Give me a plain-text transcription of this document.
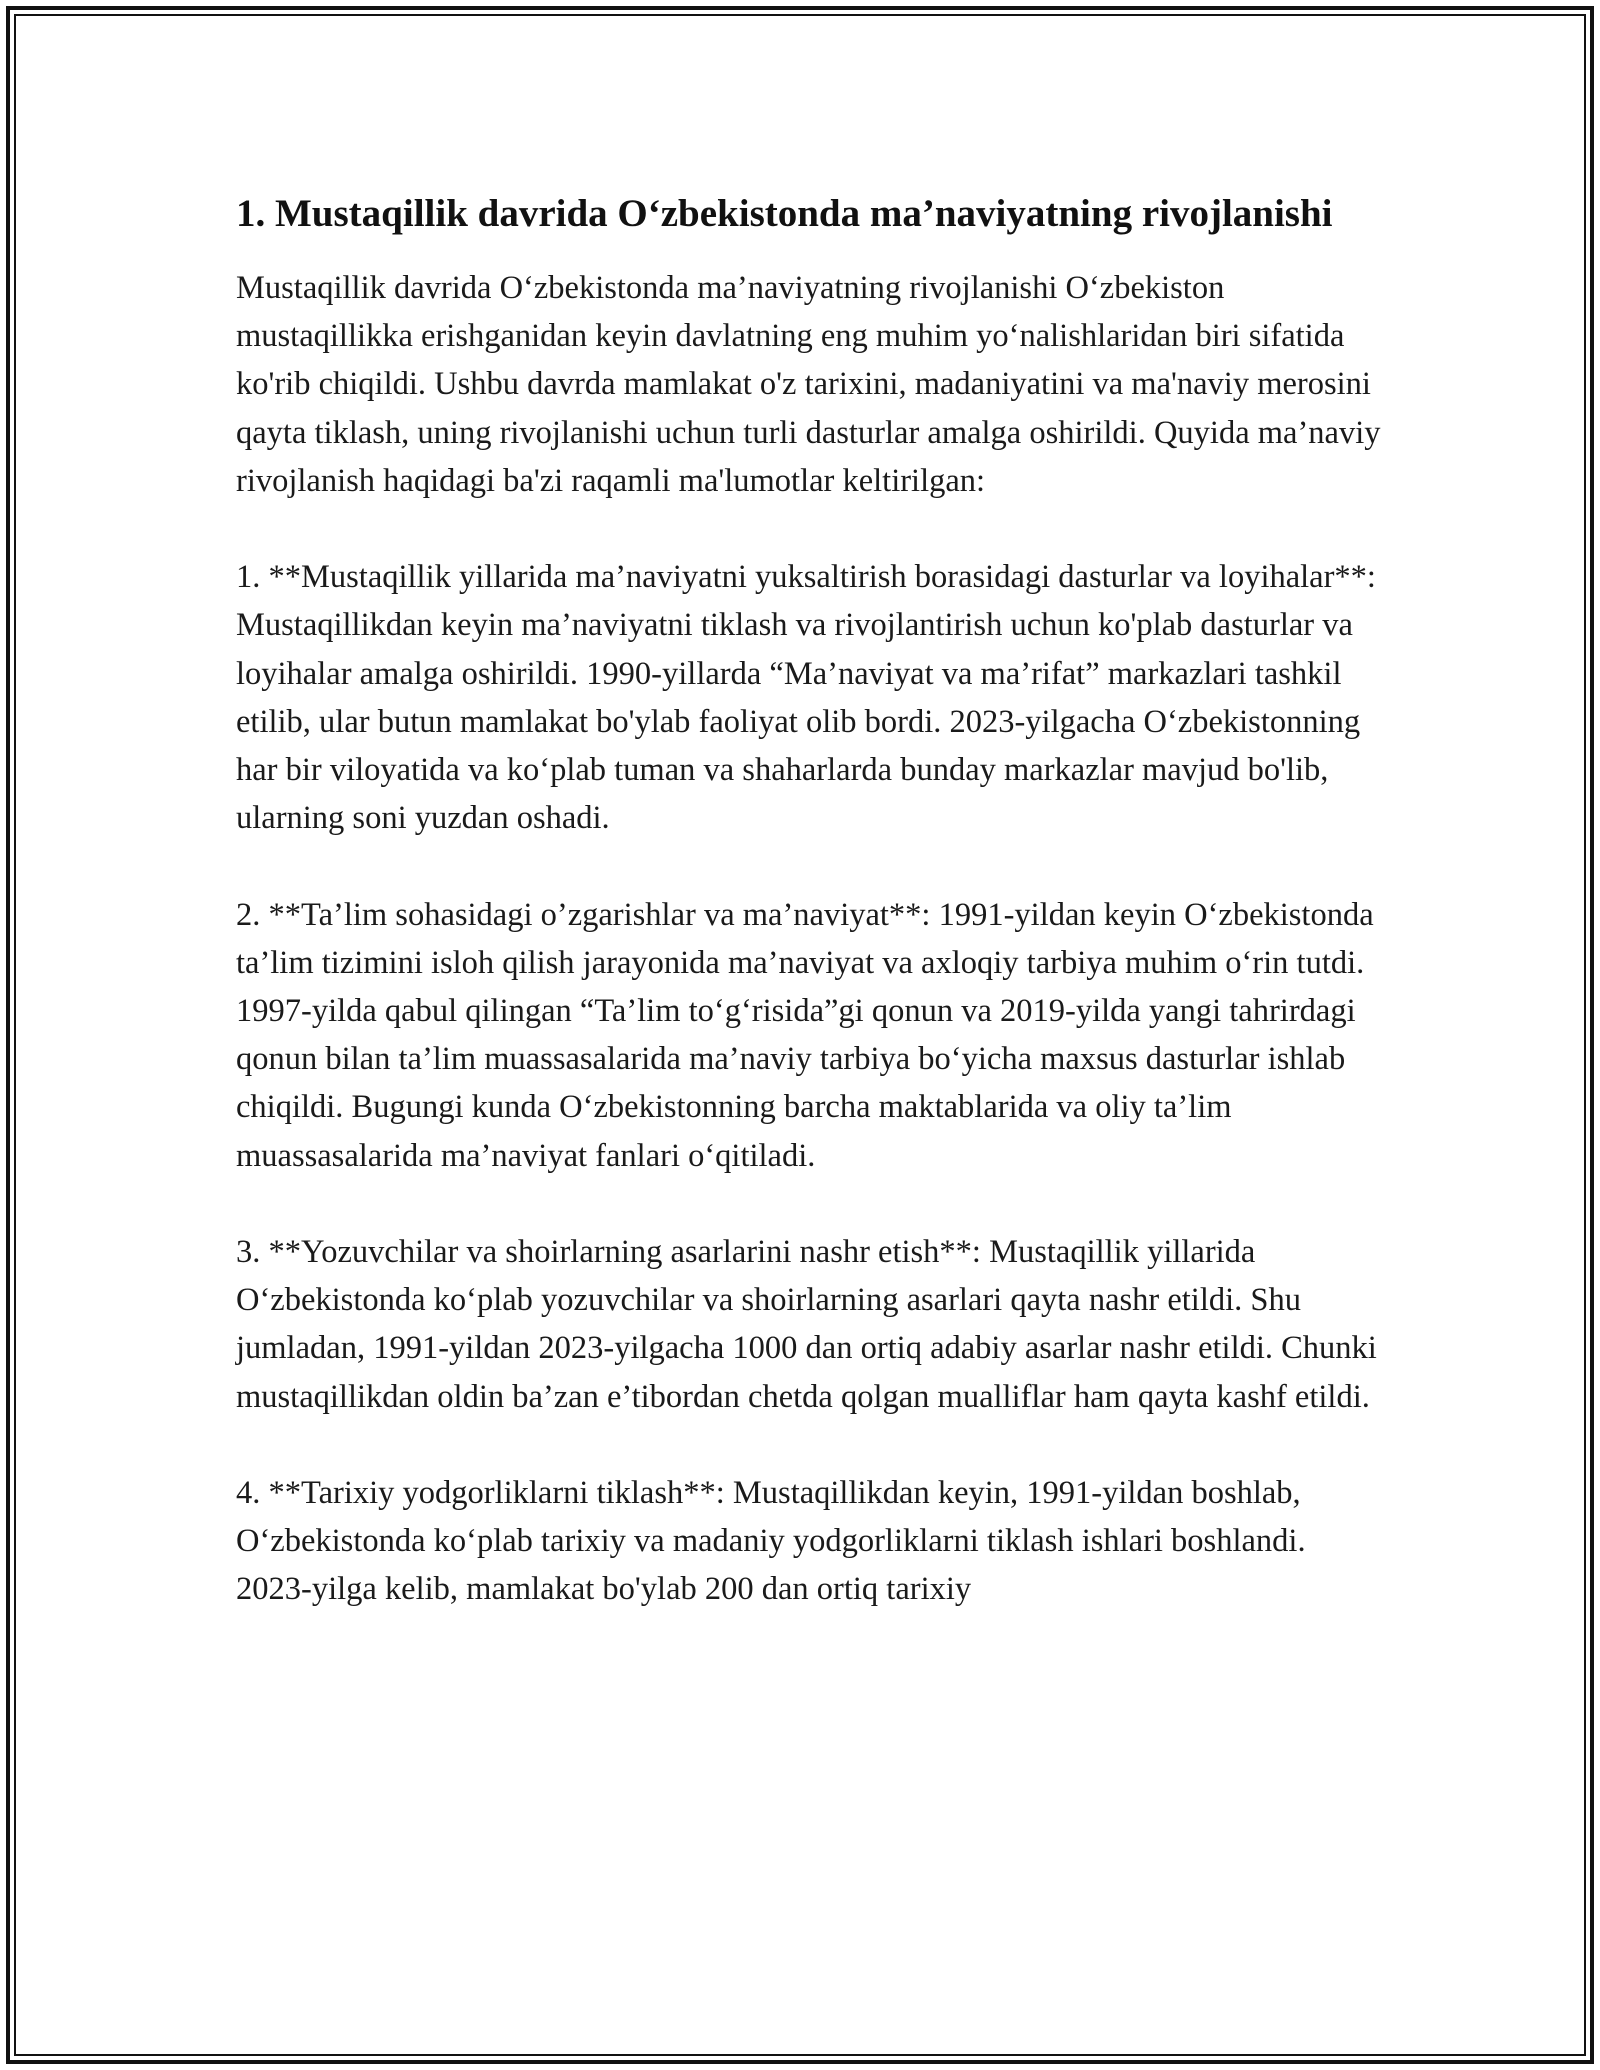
1. Mustaqillik davrida O‘zbekistonda ma’naviyatning rivojlanishi

Mustaqillik davrida O‘zbekistonda ma’naviyatning rivojlanishi O‘zbekiston mustaqillikka erishganidan keyin davlatning eng muhim yo‘nalishlaridan biri sifatida ko'rib chiqildi. Ushbu davrda mamlakat o'z tarixini, madaniyatini va ma'naviy merosini qayta tiklash, uning rivojlanishi uchun turli dasturlar amalga oshirildi. Quyida ma’naviy rivojlanish haqidagi ba'zi raqamli ma'lumotlar keltirilgan:

1. **Mustaqillik yillarida ma’naviyatni yuksaltirish borasidagi dasturlar va loyihalar**: Mustaqillikdan keyin ma’naviyatni tiklash va rivojlantirish uchun ko'plab dasturlar va loyihalar amalga oshirildi. 1990-yillarda “Ma’naviyat va ma’rifat” markazlari tashkil etilib, ular butun mamlakat bo'ylab faoliyat olib bordi. 2023-yilgacha O‘zbekistonning har bir viloyatida va ko‘plab tuman va shaharlarda bunday markazlar mavjud bo'lib, ularning soni yuzdan oshadi.

2. **Ta’lim sohasidagi o’zgarishlar va ma’naviyat**: 1991-yildan keyin O‘zbekistonda ta’lim tizimini isloh qilish jarayonida ma’naviyat va axloqiy tarbiya muhim o‘rin tutdi. 1997-yilda qabul qilingan “Ta’lim to‘g‘risida”gi qonun va 2019-yilda yangi tahrirdagi qonun bilan ta’lim muassasalarida ma’naviy tarbiya bo‘yicha maxsus dasturlar ishlab chiqildi. Bugungi kunda O‘zbekistonning barcha maktablarida va oliy ta’lim muassasalarida ma’naviyat fanlari o‘qitiladi.

3. **Yozuvchilar va shoirlarning asarlarini nashr etish**: Mustaqillik yillarida O‘zbekistonda ko‘plab yozuvchilar va shoirlarning asarlari qayta nashr etildi. Shu jumladan, 1991-yildan 2023-yilgacha 1000 dan ortiq adabiy asarlar nashr etildi. Chunki mustaqillikdan oldin ba’zan e’tibordan chetda qolgan mualliflar ham qayta kashf etildi.

4. **Tarixiy yodgorliklarni tiklash**: Mustaqillikdan keyin, 1991-yildan boshlab, O‘zbekistonda ko‘plab tarixiy va madaniy yodgorliklarni tiklash ishlari boshlandi. 2023-yilga kelib, mamlakat bo'ylab 200 dan ortiq tarixiy
